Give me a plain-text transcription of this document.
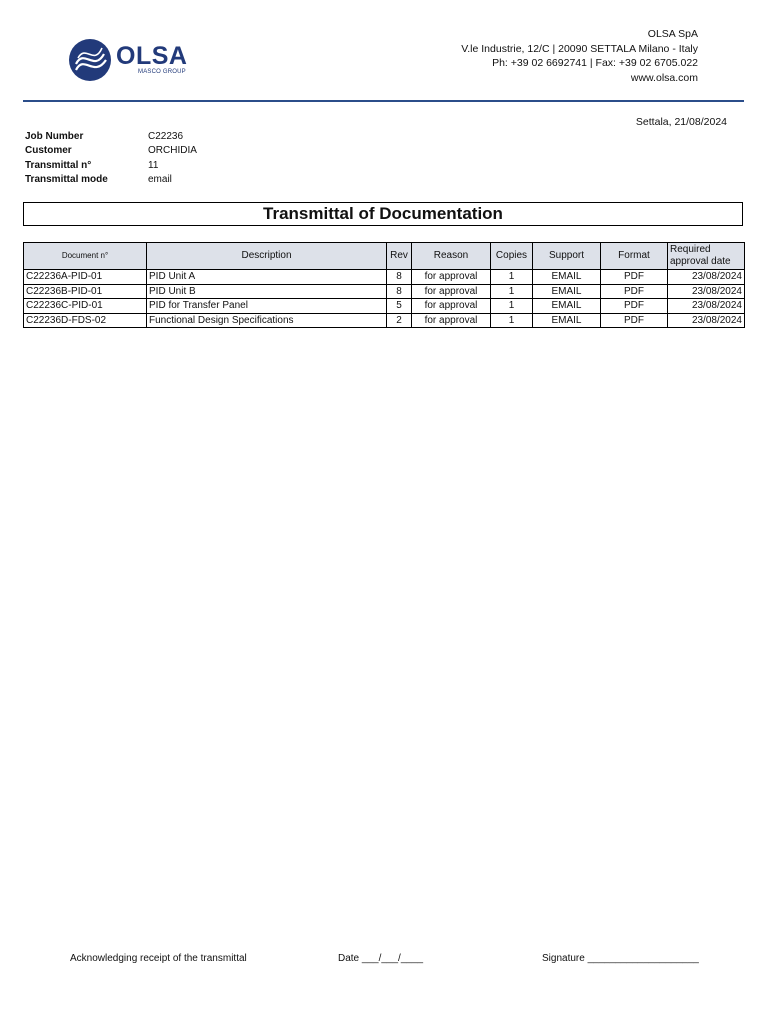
OLSA
MASCO GROUP
OLSA SpA
V.le Industrie, 12/C | 20090 SETTALA Milano - Italy
Ph: +39 02 6692741 | Fax: +39 02 6705.022
www.olsa.com
Settala, 21/08/2024
Job Number	C22236
Customer	ORCHIDIA
Transmittal n°	11
Transmittal mode	email
Transmittal of Documentation
Document n°	Description	Rev	Reason	Copies	Support	Format	Required approval date
C22236A-PID-01	PID Unit A	8	for approval	1	EMAIL	PDF	23/08/2024
C22236B-PID-01	PID Unit B	8	for approval	1	EMAIL	PDF	23/08/2024
C22236C-PID-01	PID for Transfer Panel	5	for approval	1	EMAIL	PDF	23/08/2024
C22236D-FDS-02	Functional Design Specifications	2	for approval	1	EMAIL	PDF	23/08/2024
Acknowledging receipt of the transmittal	Date ___/___/____	Signature ____________________
